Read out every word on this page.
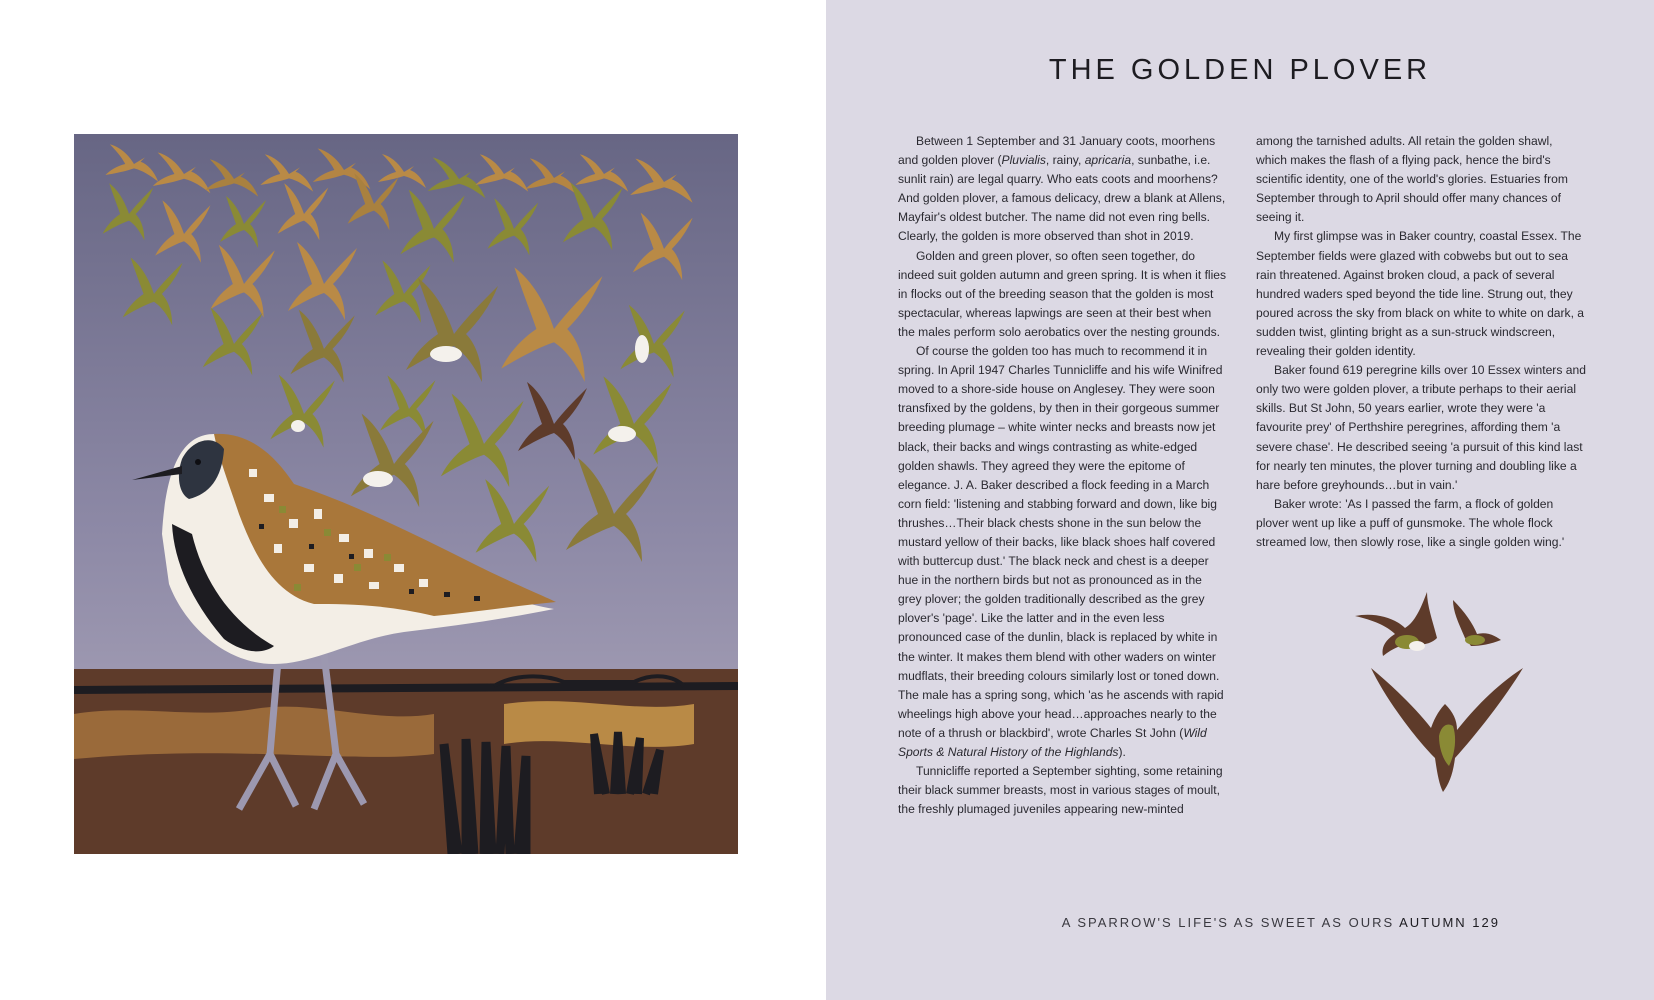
THE GOLDEN PLOVER

Between 1 September and 31 January coots, moorhens and golden plover (Pluvialis, rainy, apricaria, sunbathe, i.e. sunlit rain) are legal quarry. Who eats coots and moorhens? And golden plover, a famous delicacy, drew a blank at Allens, Mayfair's oldest butcher. The name did not even ring bells. Clearly, the golden is more observed than shot in 2019.

Golden and green plover, so often seen together, do indeed suit golden autumn and green spring. It is when it flies in flocks out of the breeding season that the golden is most spectacular, whereas lapwings are seen at their best when the males perform solo aerobatics over the nesting grounds.

Of course the golden too has much to recommend it in spring. In April 1947 Charles Tunnicliffe and his wife Winifred moved to a shore-side house on Anglesey. They were soon transfixed by the goldens, by then in their gorgeous summer breeding plumage – white winter necks and breasts now jet black, their backs and wings contrasting as white-edged golden shawls. They agreed they were the epitome of elegance. J. A. Baker described a flock feeding in a March corn field: 'listening and stabbing forward and down, like big thrushes…Their black chests shone in the sun below the mustard yellow of their backs, like black shoes half covered with buttercup dust.' The black neck and chest is a deeper hue in the northern birds but not as pronounced as in the grey plover; the golden traditionally described as the grey plover's 'page'. Like the latter and in the even less pronounced case of the dunlin, black is replaced by white in the winter. It makes them blend with other waders on winter mudflats, their breeding colours similarly lost or toned down. The male has a spring song, which 'as he ascends with rapid wheelings high above your head…approaches nearly to the note of a thrush or blackbird', wrote Charles St John (Wild Sports & Natural History of the Highlands).

Tunnicliffe reported a September sighting, some retaining their black summer breasts, most in various stages of moult, the freshly plumaged juveniles appearing new-minted

among the tarnished adults. All retain the golden shawl, which makes the flash of a flying pack, hence the bird's scientific identity, one of the world's glories. Estuaries from September through to April should offer many chances of seeing it.

My first glimpse was in Baker country, coastal Essex. The September fields were glazed with cobwebs but out to sea rain threatened. Against broken cloud, a pack of several hundred waders sped beyond the tide line. Strung out, they poured across the sky from black on white to white on dark, a sudden twist, glinting bright as a sun-struck windscreen, revealing their golden identity.

Baker found 619 peregrine kills over 10 Essex winters and only two were golden plover, a tribute perhaps to their aerial skills. But St John, 50 years earlier, wrote they were 'a favourite prey' of Perthshire peregrines, affording them 'a severe chase'. He described seeing 'a pursuit of this kind last for nearly ten minutes, the plover turning and doubling like a hare before greyhounds…but in vain.'

Baker wrote: 'As I passed the farm, a flock of golden plover went up like a puff of gunsmoke. The whole flock streamed low, then slowly rose, like a single golden wing.'

A SPARROW'S LIFE'S AS SWEET AS OURS AUTUMN 129
